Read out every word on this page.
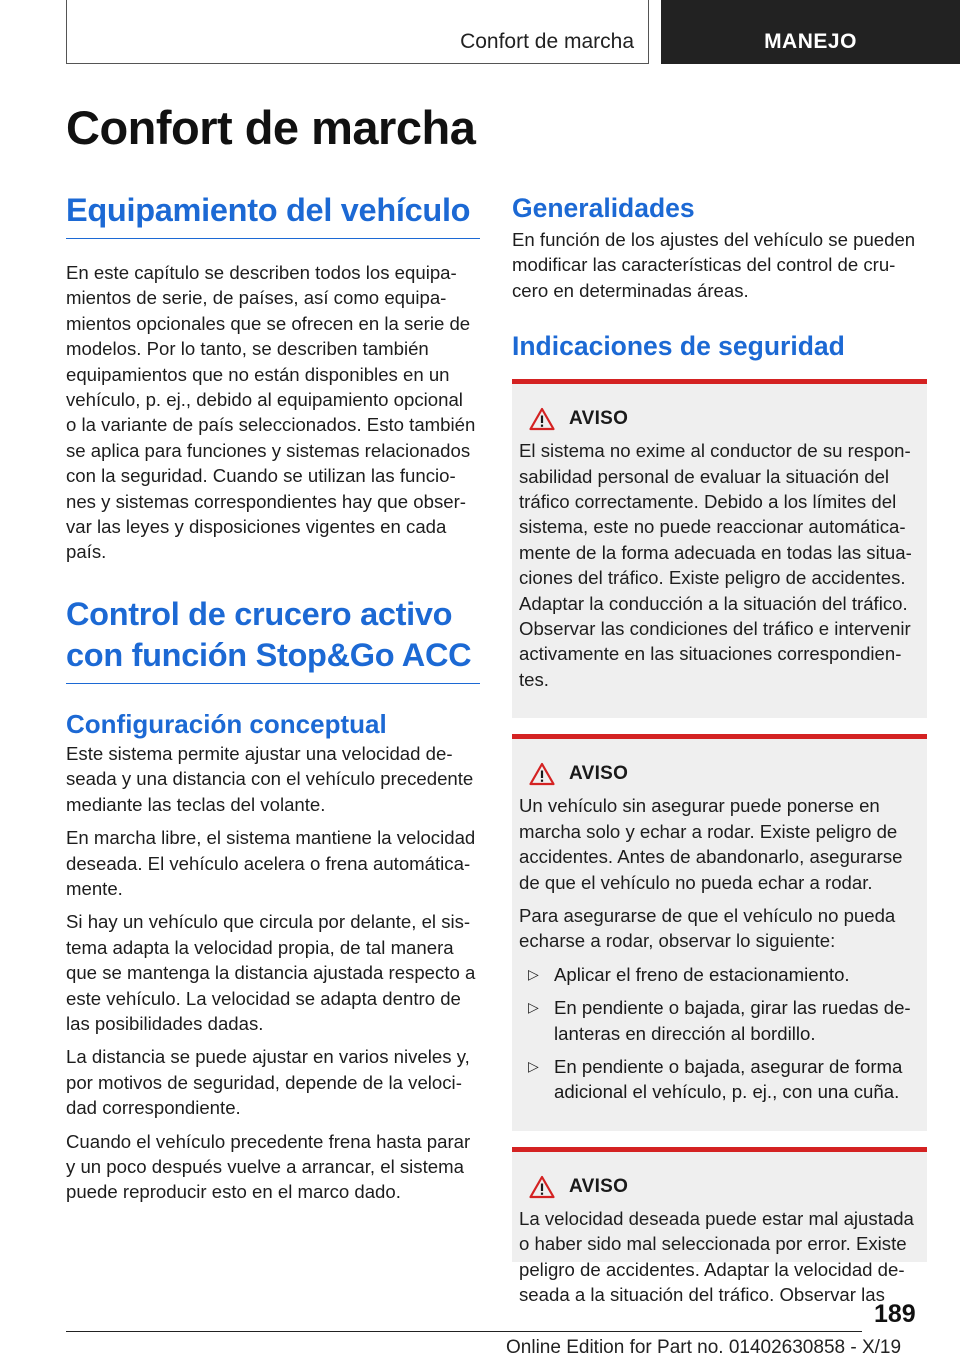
Confort de marcha	MANEJO
Confort de marcha
Equipamiento del vehículo

En este capítulo se describen todos los equipa-
mientos de serie, de países, así como equipa-
mientos opcionales que se ofrecen en la serie de
modelos. Por lo tanto, se describen también
equipamientos que no están disponibles en un
vehículo, p. ej., debido al equipamiento opcional
o la variante de país seleccionados. Esto también
se aplica para funciones y sistemas relacionados
con la seguridad. Cuando se utilizan las funcio-
nes y sistemas correspondientes hay que obser-
var las leyes y disposiciones vigentes en cada
país.

Control de crucero activo
con función Stop&Go ACC
Configuración conceptual

Este sistema permite ajustar una velocidad de-
seada y una distancia con el vehículo precedente
mediante las teclas del volante.

En marcha libre, el sistema mantiene la velocidad
deseada. El vehículo acelera o frena automática-
mente.

Si hay un vehículo que circula por delante, el sis-
tema adapta la velocidad propia, de tal manera
que se mantenga la distancia ajustada respecto a
este vehículo. La velocidad se adapta dentro de
las posibilidades dadas.

La distancia se puede ajustar en varios niveles y,
por motivos de seguridad, depende de la veloci-
dad correspondiente.

Cuando el vehículo precedente frena hasta parar
y un poco después vuelve a arrancar, el sistema
puede reproducir esto en el marco dado.

Generalidades

En función de los ajustes del vehículo se pueden
modificar las características del control de cru-
cero en determinadas áreas.

Indicaciones de seguridad
AVISO

El sistema no exime al conductor de su respon-
sabilidad personal de evaluar la situación del
tráfico correctamente. Debido a los límites del
sistema, este no puede reaccionar automática-
mente de la forma adecuada en todas las situa-
ciones del tráfico. Existe peligro de accidentes.
Adaptar la conducción a la situación del tráfico.
Observar las condiciones del tráfico e intervenir
activamente en las situaciones correspondien-
tes.

AVISO

Un vehículo sin asegurar puede ponerse en
marcha solo y echar a rodar. Existe peligro de
accidentes. Antes de abandonarlo, asegurarse
de que el vehículo no pueda echar a rodar.

Para asegurarse de que el vehículo no pueda
echarse a rodar, observar lo siguiente:

▷ Aplicar el freno de estacionamiento.
▷ En pendiente o bajada, girar las ruedas de-
lanteras en dirección al bordillo.
▷ En pendiente o bajada, asegurar de forma
adicional el vehículo, p. ej., con una cuña.
AVISO

La velocidad deseada puede estar mal ajustada
o haber sido mal seleccionada por error. Existe
peligro de accidentes. Adaptar la velocidad de-
seada a la situación del tráfico. Observar las

189
Online Edition for Part no. 01402630858 - X/19
